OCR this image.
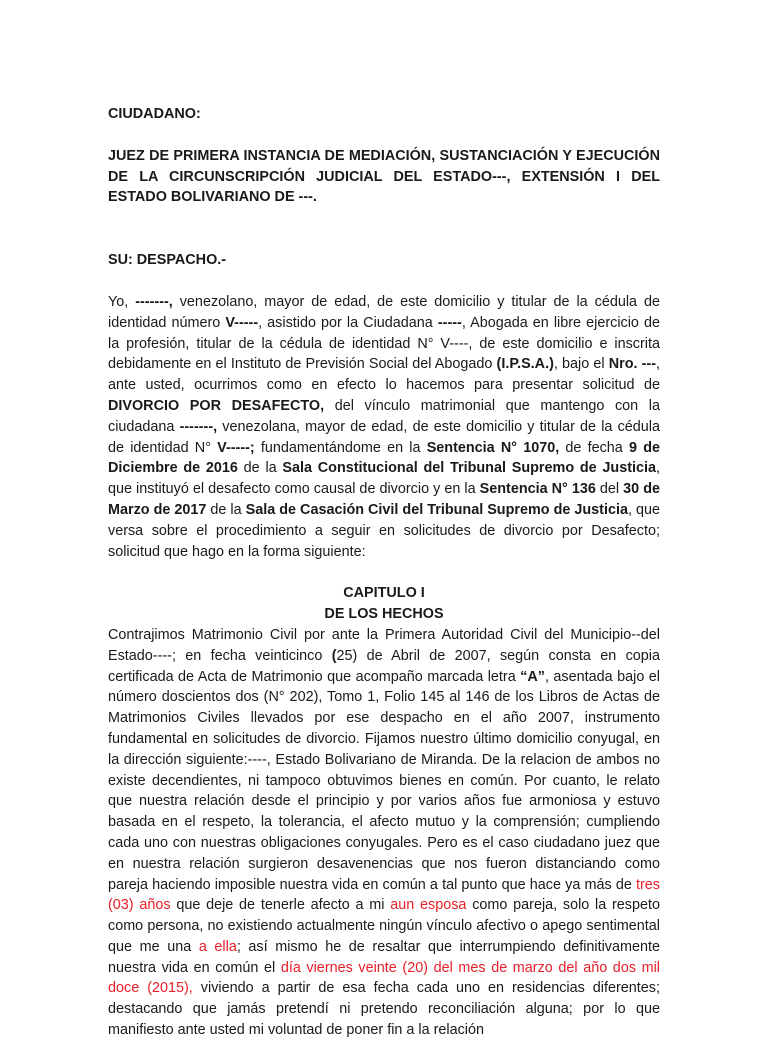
CIUDADANO:
JUEZ DE PRIMERA INSTANCIA DE MEDIACIÓN, SUSTANCIACIÓN Y EJECUCIÓN DE LA CIRCUNSCRIPCIÓN JUDICIAL DEL ESTADO---, EXTENSIÓN I DEL ESTADO BOLIVARIANO DE ---.
SU: DESPACHO.-

Yo, -------, venezolano, mayor de edad, de este domicilio y titular de la cédula de identidad número V-----, asistido por la Ciudadana -----, Abogada en libre ejercicio de la profesión, titular de la cédula de identidad N° V----, de este domicilio e inscrita debidamente en el Instituto de Previsión Social del Abogado (I.P.S.A.), bajo el Nro. ---, ante usted, ocurrimos como en efecto lo hacemos para presentar solicitud de DIVORCIO POR DESAFECTO, del vínculo matrimonial que mantengo con la ciudadana -------, venezolana, mayor de edad, de este domicilio y titular de la cédula de identidad N° V-----; fundamentándome en la Sentencia N° 1070, de fecha 9 de Diciembre de 2016 de la Sala Constitucional del Tribunal Supremo de Justicia, que instituyó el desafecto como causal de divorcio y en la Sentencia N° 136 del 30 de Marzo de 2017 de la Sala de Casación Civil del Tribunal Supremo de Justicia, que versa sobre el procedimiento a seguir en solicitudes de divorcio por Desafecto; solicitud que hago en la forma siguiente:

CAPITULO I
DE LOS HECHOS

Contrajimos Matrimonio Civil por ante la Primera Autoridad Civil del Municipio--del Estado----; en fecha veinticinco (25) de Abril de 2007, según consta en copia certificada de Acta de Matrimonio que acompaño marcada letra “A”, asentada bajo el número doscientos dos (N° 202), Tomo 1, Folio 145 al 146 de los Libros de Actas de Matrimonios Civiles llevados por ese despacho en el año 2007, instrumento fundamental en solicitudes de divorcio. Fijamos nuestro último domicilio conyugal, en la dirección siguiente:----, Estado Bolivariano de Miranda. De la relacion de ambos no existe decendientes, ni tampoco obtuvimos bienes en común. Por cuanto, le relato que nuestra relación desde el principio y por varios años fue armoniosa y estuvo basada en el respeto, la tolerancia, el afecto mutuo y la comprensión; cumpliendo cada uno con nuestras obligaciones conyugales. Pero es el caso ciudadano juez que en nuestra relación surgieron desavenencias que nos fueron distanciando como pareja haciendo imposible nuestra vida en común a tal punto que hace ya más de tres (03) años que deje de tenerle afecto a mi aun esposa como pareja, solo la respeto como persona, no existiendo actualmente ningún vínculo afectivo o apego sentimental que me una a ella; así mismo he de resaltar que interrumpiendo definitivamente nuestra vida en común el día viernes veinte (20) del mes de marzo del año dos mil doce (2015), viviendo a partir de esa fecha cada uno en residencias diferentes; destacando que jamás pretendí ni pretendo reconciliación alguna; por lo que manifiesto ante usted mi voluntad de poner fin a la relación
